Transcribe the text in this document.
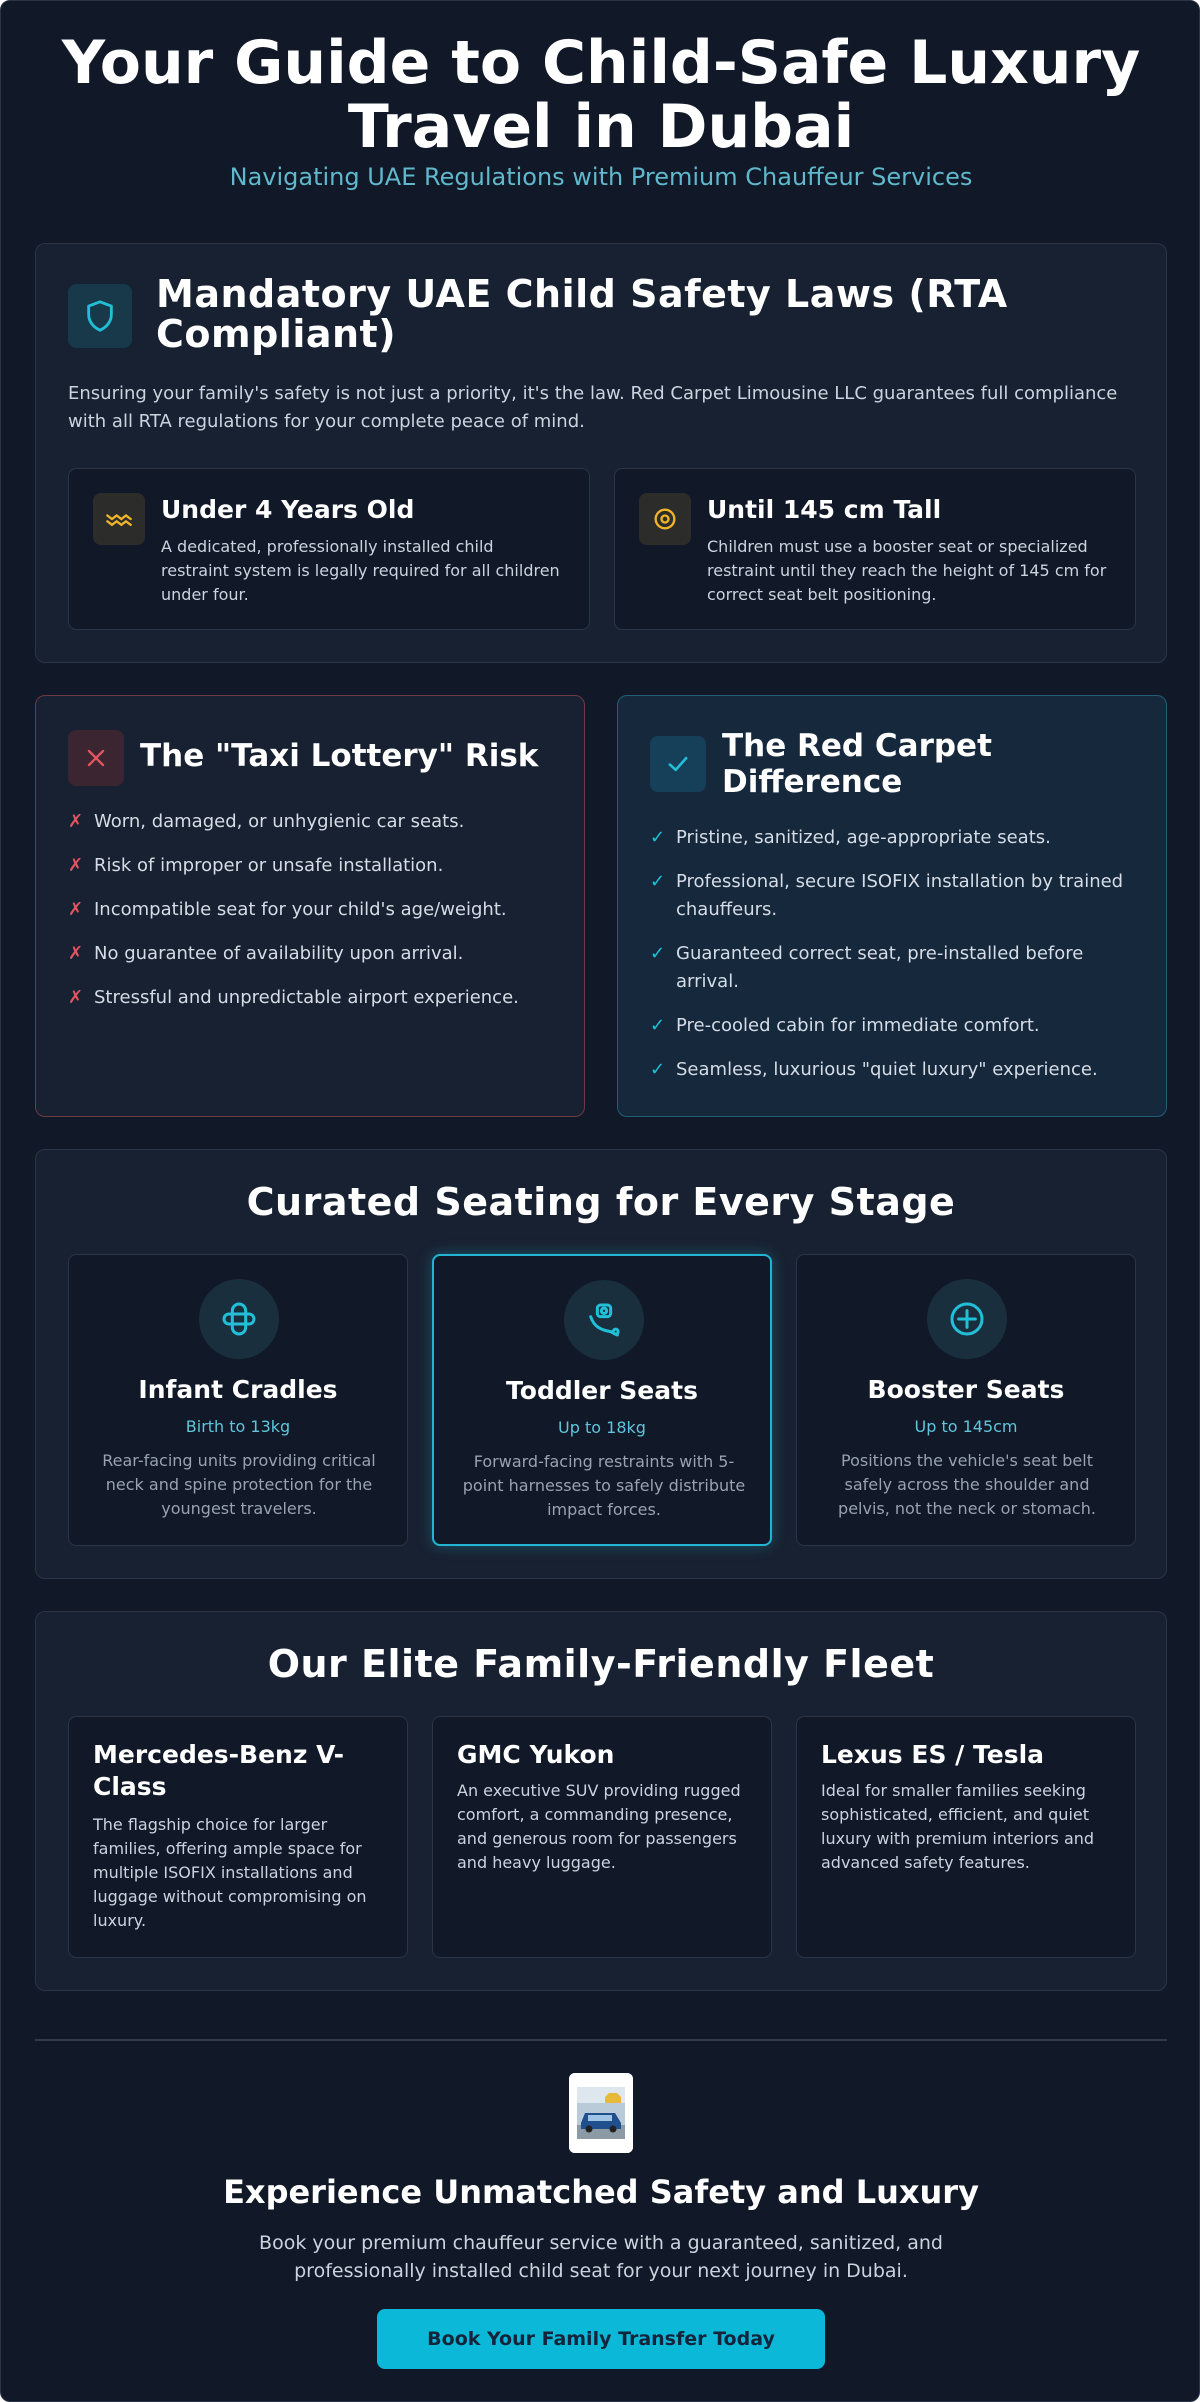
Your Guide to Child-Safe Luxury Travel in Dubai
Navigating UAE Regulations with Premium Chauffeur Services
Mandatory UAE Child Safety Laws (RTA Compliant)

Ensuring your family's safety is not just a priority, it's the law. Red Carpet Limousine LLC guarantees full compliance with all RTA regulations for your complete peace of mind.

Under 4 Years Old

A dedicated, professionally installed child restraint system is legally required for all children under four.

Until 145 cm Tall

Children must use a booster seat or specialized restraint until they reach the height of 145 cm for correct seat belt positioning.

The "Taxi Lottery" Risk
✗ Worn, damaged, or unhygienic car seats.
✗ Risk of improper or unsafe installation.
✗ Incompatible seat for your child's age/weight.
✗ No guarantee of availability upon arrival.
✗ Stressful and unpredictable airport experience.
The Red Carpet Difference
✓ Pristine, sanitized, age-appropriate seats.
✓ Professional, secure ISOFIX installation by trained chauffeurs.
✓ Guaranteed correct seat, pre-installed before arrival.
✓ Pre-cooled cabin for immediate comfort.
✓ Seamless, luxurious "quiet luxury" experience.
Curated Seating for Every Stage
Infant Cradles
Birth to 13kg

Rear-facing units providing critical neck and spine protection for the youngest travelers.

Toddler Seats
Up to 18kg

Forward-facing restraints with 5-point harnesses to safely distribute impact forces.

Booster Seats
Up to 145cm

Positions the vehicle's seat belt safely across the shoulder and pelvis, not the neck or stomach.

Our Elite Family-Friendly Fleet
Mercedes-Benz V-Class

The flagship choice for larger families, offering ample space for multiple ISOFIX installations and luggage without compromising on luxury.

GMC Yukon

An executive SUV providing rugged comfort, a commanding presence, and generous room for passengers and heavy luggage.

Lexus ES / Tesla

Ideal for smaller families seeking sophisticated, efficient, and quiet luxury with premium interiors and advanced safety features.

Experience Unmatched Safety and Luxury

Book your premium chauffeur service with a guaranteed, sanitized, and professionally installed child seat for your next journey in Dubai.

Book Your Family Transfer Today
